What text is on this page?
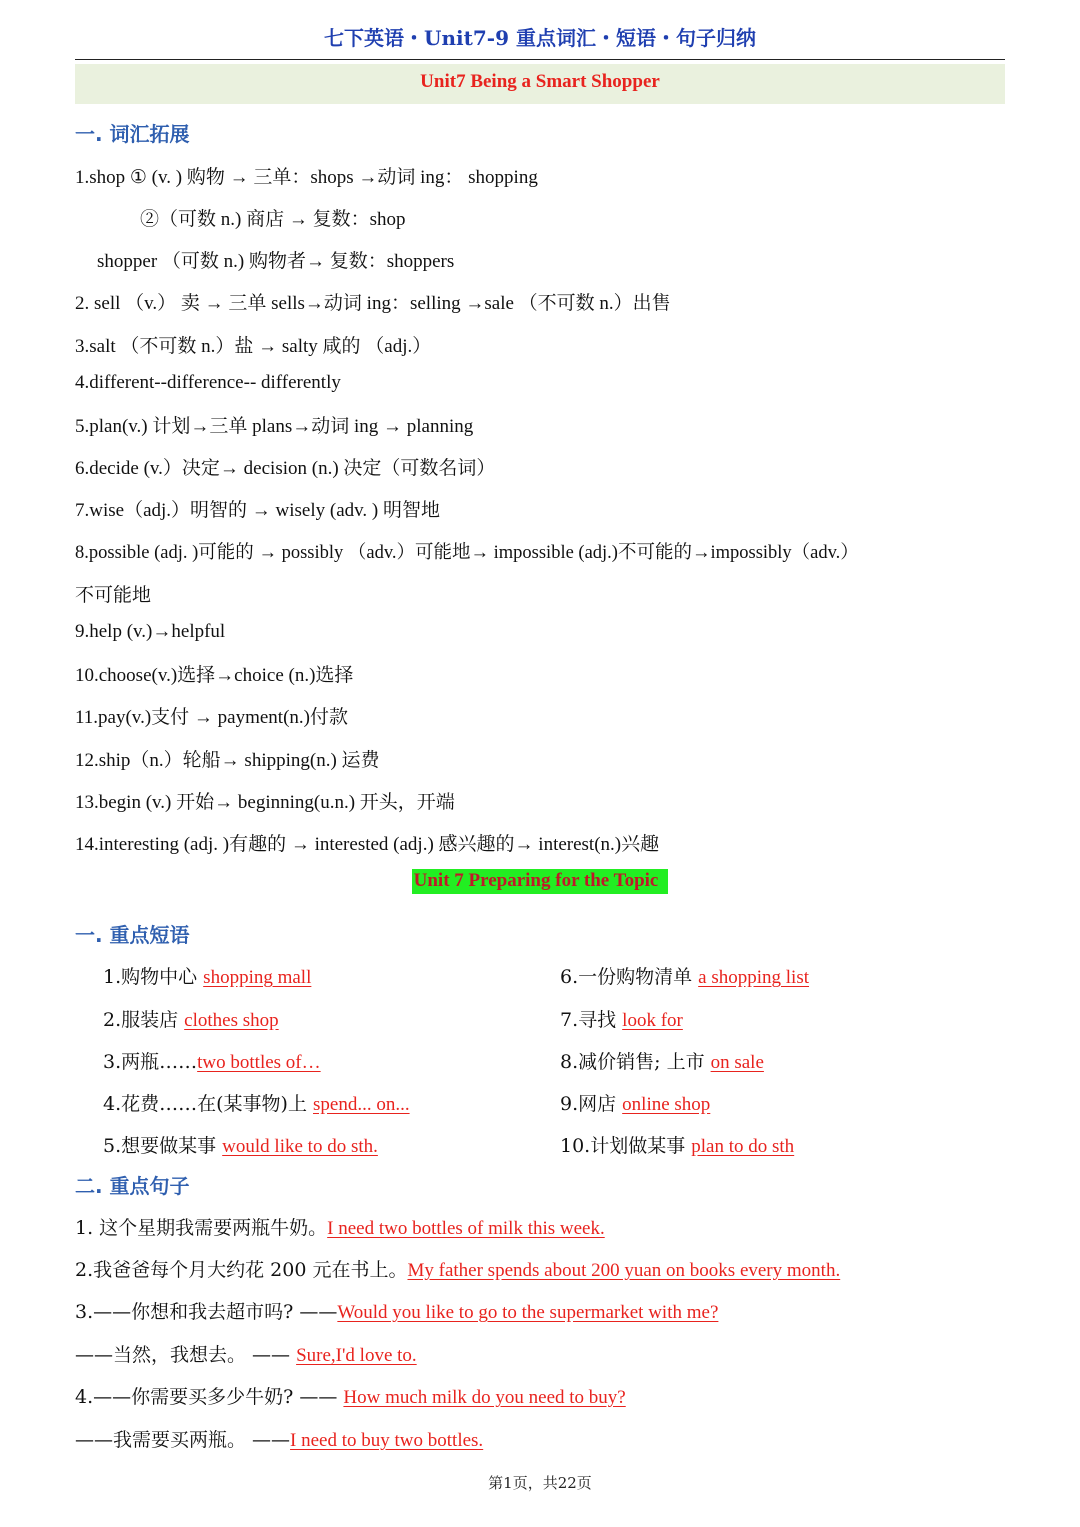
七下英语・Unit7-9 重点词汇・短语・句子归纳
Unit7 Being a Smart Shopper
一. 词汇拓展
1.shop ① (v. ) 购物 → 三单：shops →动词 ing： shopping
②（可数 n.) 商店 → 复数：shop
shopper （可数 n.) 购物者→ 复数：shoppers
2. sell （v.） 卖 → 三单 sells→动词 ing：selling →sale （不可数 n.）出售
3.salt （不可数 n.）盐 → salty 咸的 （adj.）
4.different--difference-- differently
5.plan(v.) 计划→三单 plans→动词 ing → planning
6.decide (v.）决定→ decision (n.) 决定（可数名词）
7.wise（adj.）明智的 → wisely (adv. ) 明智地
8.possible (adj. )可能的 → possibly （adv.）可能地→ impossible (adj.)不可能的→impossibly（adv.）
不可能地
9.help (v.)→helpful
10.choose(v.)选择→choice (n.)选择
11.pay(v.)支付 → payment(n.)付款
12.ship（n.）轮船→ shipping(n.) 运费
13.begin (v.) 开始→ beginning(u.n.) 开头，开端
14.interesting (adj. )有趣的 → interested (adj.) 感兴趣的→ interest(n.)兴趣
Unit 7 Preparing for the Topic
一. 重点短语
1.购物中心 shopping mall
2.服装店 clothes shop
3.两瓶……two bottles of…
4.花费……在(某事物)上 spend... on...
5.想要做某事 would like to do sth.
6.一份购物清单 a shopping list
7.寻找 look for
8.减价销售; 上市 on sale
9.网店 online shop
10.计划做某事 plan to do sth
二. 重点句子
1. 这个星期我需要两瓶牛奶。I need two bottles of milk this week.
2.我爸爸每个月大约花 200 元在书上。My father spends about 200 yuan on books every month.
3.——你想和我去超市吗? ——Would you like to go to the supermarket with me?
——当然，我想去。 —— Sure,I'd love to.
4.——你需要买多少牛奶? —— How much milk do you need to buy?
——我需要买两瓶。 ——I need to buy two bottles.
第1页，共22页
